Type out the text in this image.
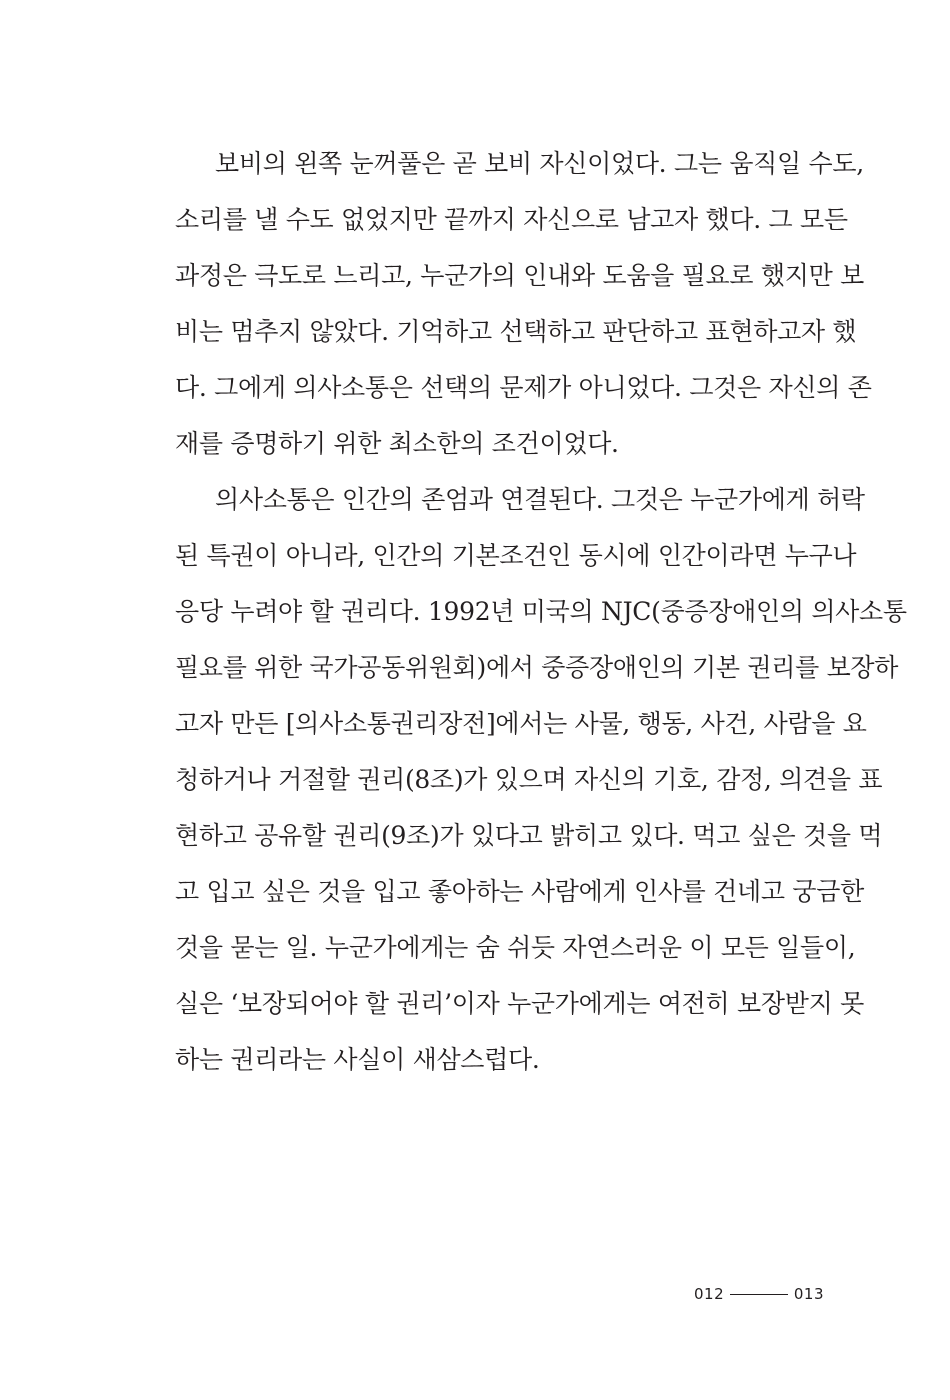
보비의 왼쪽 눈꺼풀은 곧 보비 자신이었다. 그는 움직일 수도,
소리를 낼 수도 없었지만 끝까지 자신으로 남고자 했다. 그 모든
과정은 극도로 느리고, 누군가의 인내와 도움을 필요로 했지만 보
비는 멈추지 않았다. 기억하고 선택하고 판단하고 표현하고자 했
다. 그에게 의사소통은 선택의 문제가 아니었다. 그것은 자신의 존
재를 증명하기 위한 최소한의 조건이었다.
의사소통은 인간의 존엄과 연결된다. 그것은 누군가에게 허락
된 특권이 아니라, 인간의 기본조건인 동시에 인간이라면 누구나
응당 누려야 할 권리다. 1992년 미국의 NJC(중증장애인의 의사소통
필요를 위한 국가공동위원회)에서 중증장애인의 기본 권리를 보장하
고자 만든 [의사소통권리장전]에서는 사물, 행동, 사건, 사람을 요
청하거나 거절할 권리(8조)가 있으며 자신의 기호, 감정, 의견을 표
현하고 공유할 권리(9조)가 있다고 밝히고 있다. 먹고 싶은 것을 먹
고 입고 싶은 것을 입고 좋아하는 사람에게 인사를 건네고 궁금한
것을 묻는 일. 누군가에게는 숨 쉬듯 자연스러운 이 모든 일들이,
실은 ‘보장되어야 할 권리’이자 누군가에게는 여전히 보장받지 못
하는 권리라는 사실이 새삼스럽다.
012	013
